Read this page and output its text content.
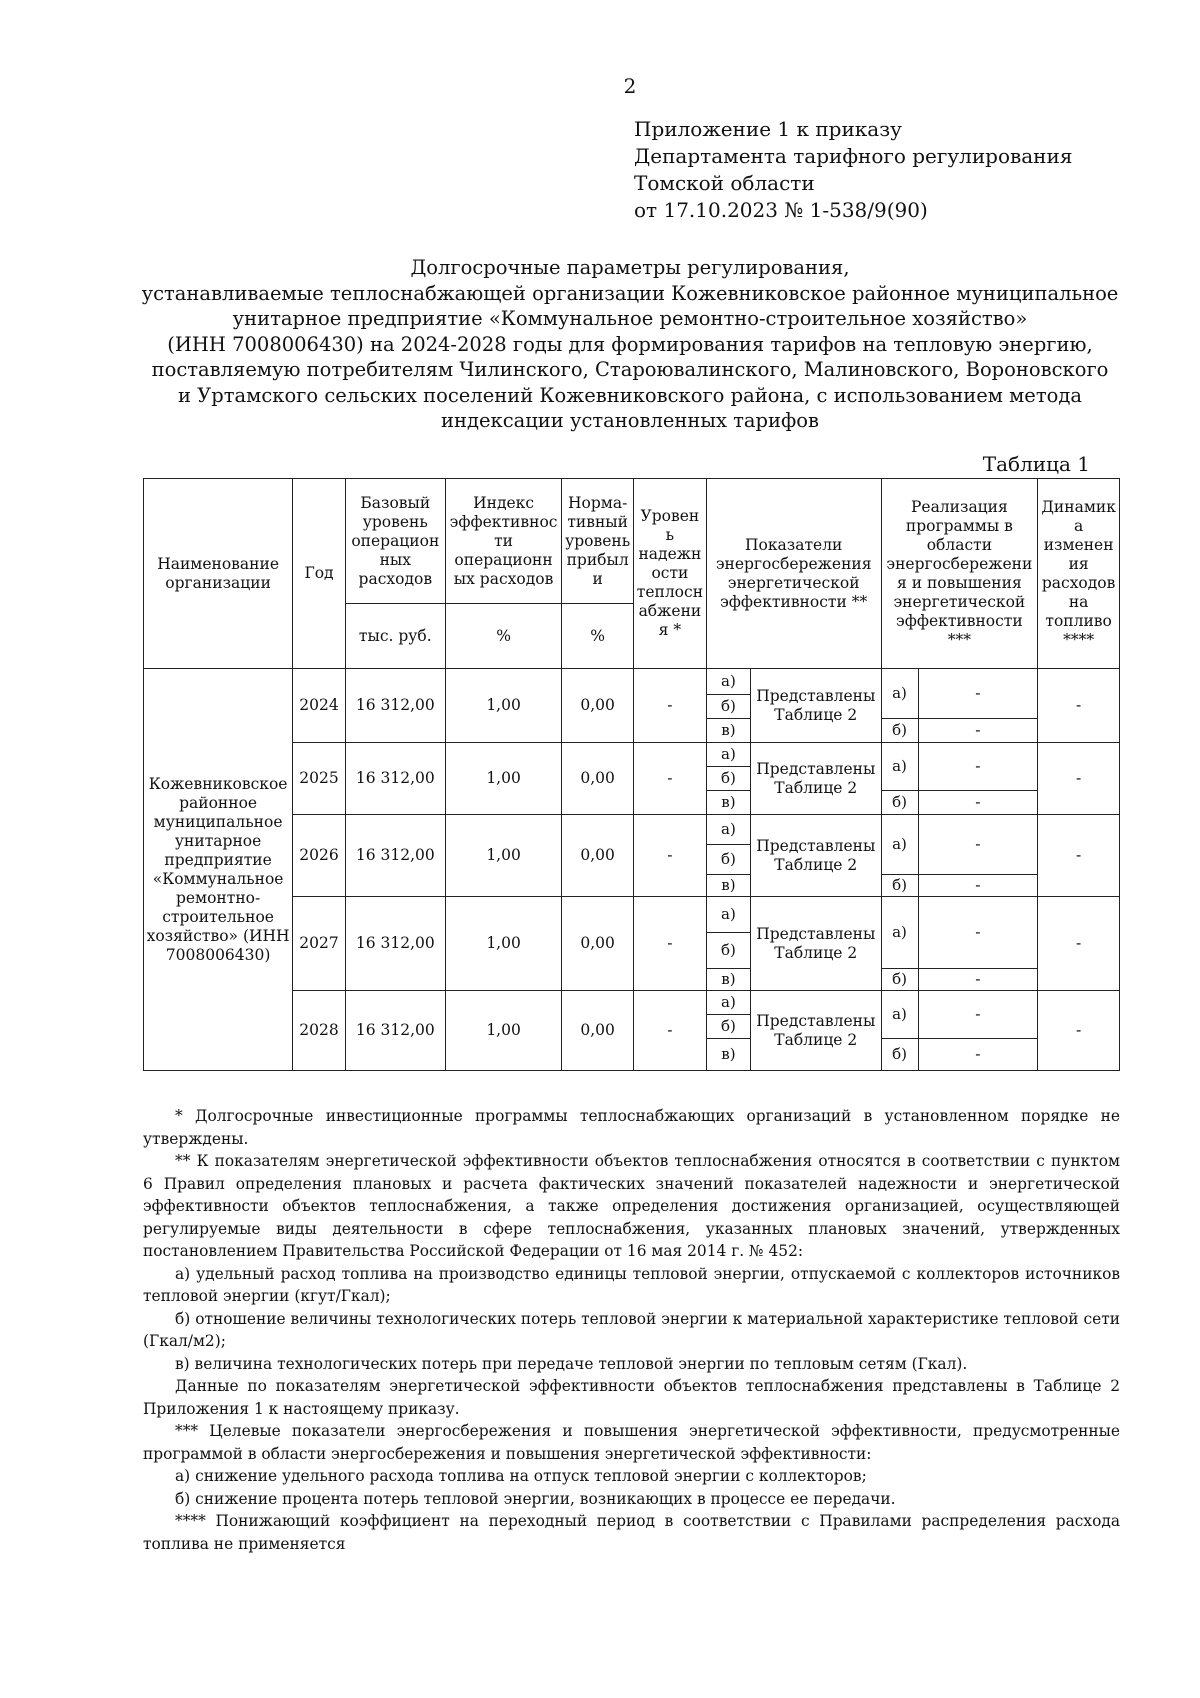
2
Приложение 1 к приказу
Департамента тарифного регулирования
Томской области
от 17.10.2023 № 1-538/9(90)
Долгосрочные параметры регулирования,
устанавливаемые теплоснабжающей организации Кожевниковское районное муниципальное
унитарное предприятие «Коммунальное ремонтно-строительное хозяйство»
(ИНН 7008006430) на 2024-2028 годы для формирования тарифов на тепловую энергию,
поставляемую потребителям Чилинского, Староювалинского, Малиновского, Вороновского
и Уртамского сельских поселений Кожевниковского района, с использованием метода
индексации установленных тарифов
Таблица 1
Наименование организации	Год	Базовый уровень операцион ных расходов	Индекс эффективнос ти операционн ых расходов	Норма-тивный уровень прибыл и	Уровен ь надежн ости теплосн абжени я *	Показатели энергосбережения энергетической эффективности **		Реализация программы в области энергосбережени я и повышения энергетической эффективности ***		Динамик а изменен ия расходов на топливо ****
		тыс. руб.	%	%						
Кожевниковское районное муниципальное унитарное предприятие «Коммунальное ремонтно-строительное хозяйство» (ИНН 7008006430)	2024	16 312,00	1,00	0,00	-	а)	Представлены Таблице 2	а)	-	-
						б)				
						в)		б)	-	
	2025	16 312,00	1,00	0,00	-	а)	Представлены Таблице 2	а)	-	-
						б)				
						в)		б)	-	
	2026	16 312,00	1,00	0,00	-	а)	Представлены Таблице 2	а)	-	-
						б)				
						в)		б)	-	
	2027	16 312,00	1,00	0,00	-	а)	Представлены Таблице 2	а)	-	-
						б)				
						в)		б)	-	
	2028	16 312,00	1,00	0,00	-	а)	Представлены Таблице 2	а)	-	-
						б)				
						в)		б)	-	

* Долгосрочные инвестиционные программы теплоснабжающих организаций в установленном порядке не утверждены.

** К показателям энергетической эффективности объектов теплоснабжения относятся в соответствии с пунктом 6 Правил определения плановых и расчета фактических значений показателей надежности и энергетической эффективности объектов теплоснабжения, а также определения достижения организацией, осуществляющей регулируемые виды деятельности в сфере теплоснабжения, указанных плановых значений, утвержденных постановлением Правительства Российской Федерации от 16 мая 2014 г. № 452:

а) удельный расход топлива на производство единицы тепловой энергии, отпускаемой с коллекторов источников тепловой энергии (кгут/Гкал);

б) отношение величины технологических потерь тепловой энергии к материальной характеристике тепловой сети (Гкал/м2);

в) величина технологических потерь при передаче тепловой энергии по тепловым сетям (Гкал).

Данные по показателям энергетической эффективности объектов теплоснабжения представлены в Таблице 2 Приложения 1 к настоящему приказу.

*** Целевые показатели энергосбережения и повышения энергетической эффективности, предусмотренные программой в области энергосбережения и повышения энергетической эффективности:

а) снижение удельного расхода топлива на отпуск тепловой энергии с коллекторов;

б) снижение процента потерь тепловой энергии, возникающих в процессе ее передачи.

**** Понижающий коэффициент на переходный период в соответствии с Правилами распределения расхода топлива не применяется
